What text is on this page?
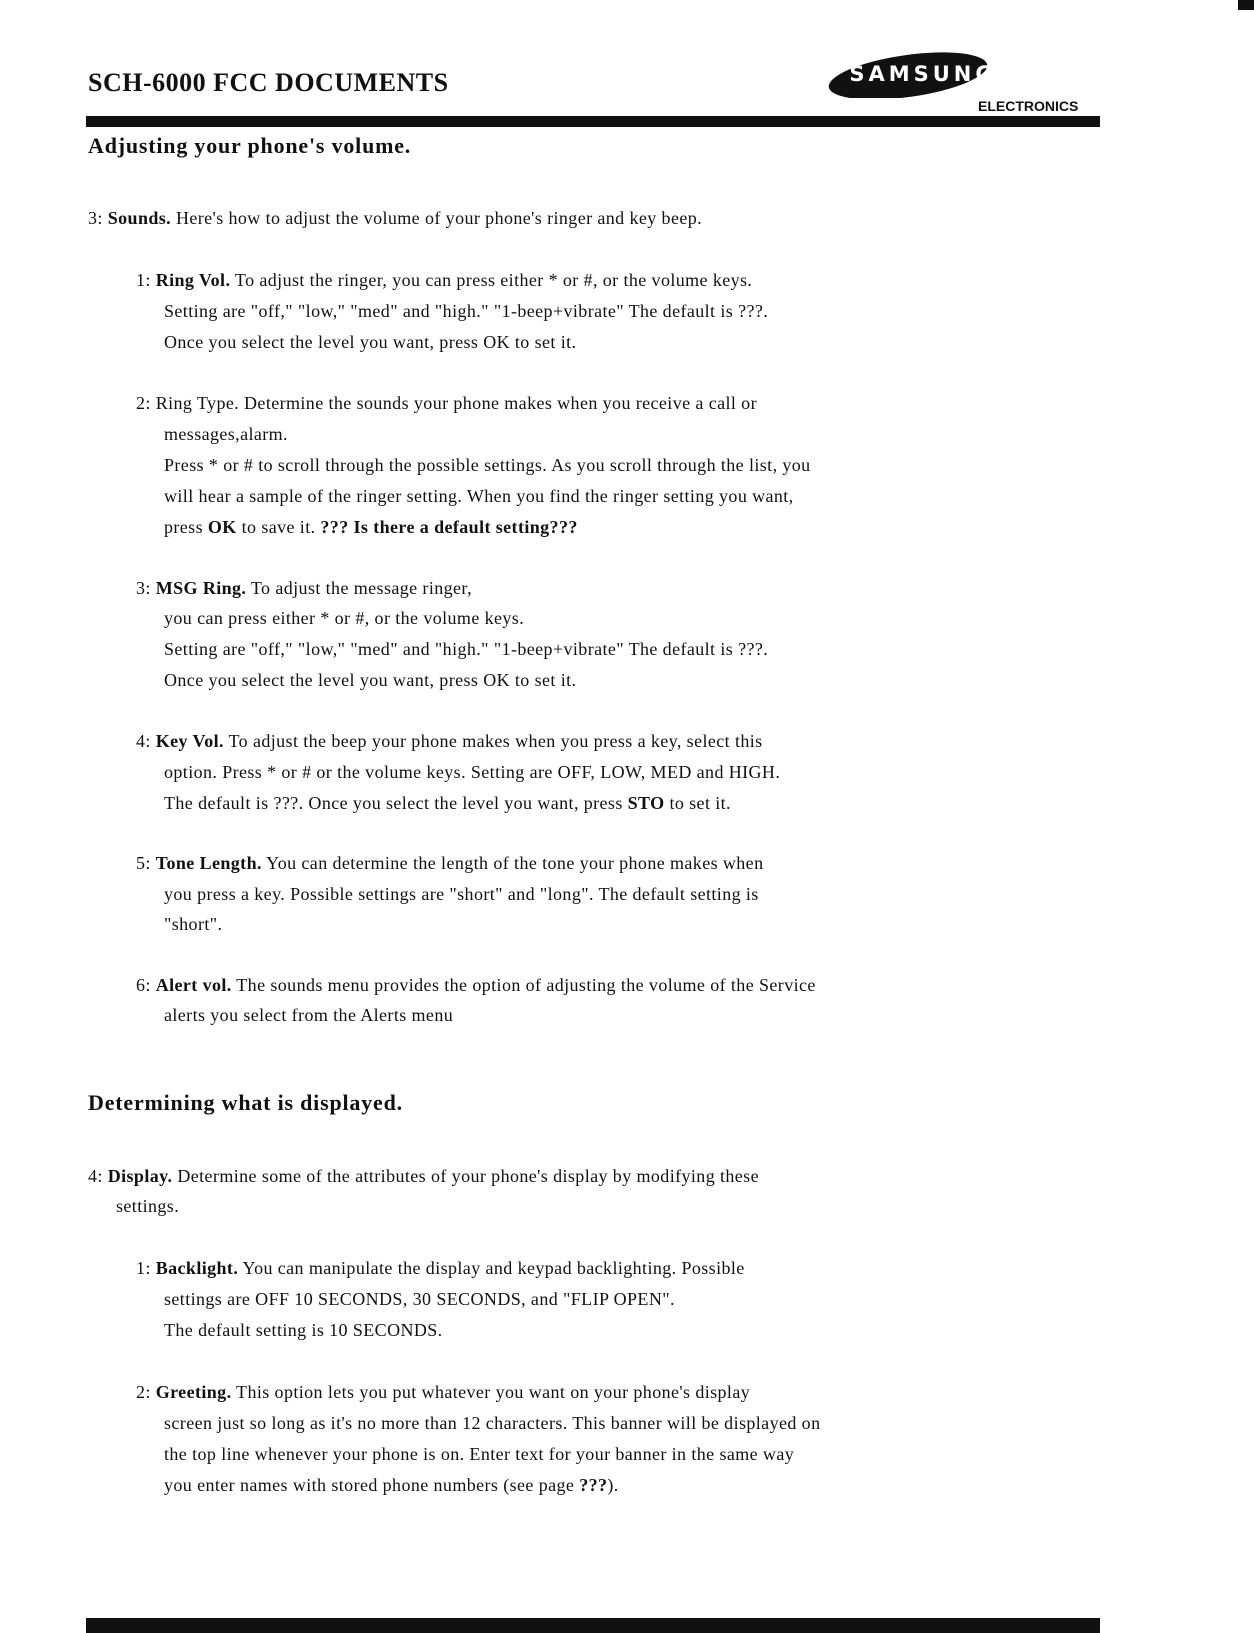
SCH-6000 FCC DOCUMENTS	SAMSUNG
ELECTRONICS
Adjusting your phone's volume.
3: Sounds. Here's how to adjust the volume of your phone's ringer and key beep.
1: Ring Vol. To adjust the ringer, you can press either * or #, or the volume keys.
Setting are "off," "low," "med" and "high." "1-beep+vibrate" The default is ???.
Once you select the level you want, press OK to set it.
2: Ring Type. Determine the sounds your phone makes when you receive a call or
messages,alarm.
Press * or # to scroll through the possible settings. As you scroll through the list, you
will hear a sample of the ringer setting. When you find the ringer setting you want,
press OK to save it. ??? Is there a default setting???
3: MSG Ring. To adjust the message ringer,
you can press either * or #, or the volume keys.
Setting are "off," "low," "med" and "high." "1-beep+vibrate" The default is ???.
Once you select the level you want, press OK to set it.
4: Key Vol. To adjust the beep your phone makes when you press a key, select this
option. Press * or # or the volume keys. Setting are OFF, LOW, MED and HIGH.
The default is ???. Once you select the level you want, press STO to set it.
5: Tone Length. You can determine the length of the tone your phone makes when
you press a key. Possible settings are "short" and "long". The default setting is
"short".
6: Alert vol. The sounds menu provides the option of adjusting the volume of the Service
alerts you select from the Alerts menu
Determining what is displayed.
4: Display. Determine some of the attributes of your phone's display by modifying these
settings.
1: Backlight. You can manipulate the display and keypad backlighting. Possible
settings are OFF 10 SECONDS, 30 SECONDS, and "FLIP OPEN".
The default setting is 10 SECONDS.
2: Greeting. This option lets you put whatever you want on your phone's display
screen just so long as it's no more than 12 characters. This banner will be displayed on
the top line whenever your phone is on. Enter text for your banner in the same way
you enter names with stored phone numbers (see page ???).
